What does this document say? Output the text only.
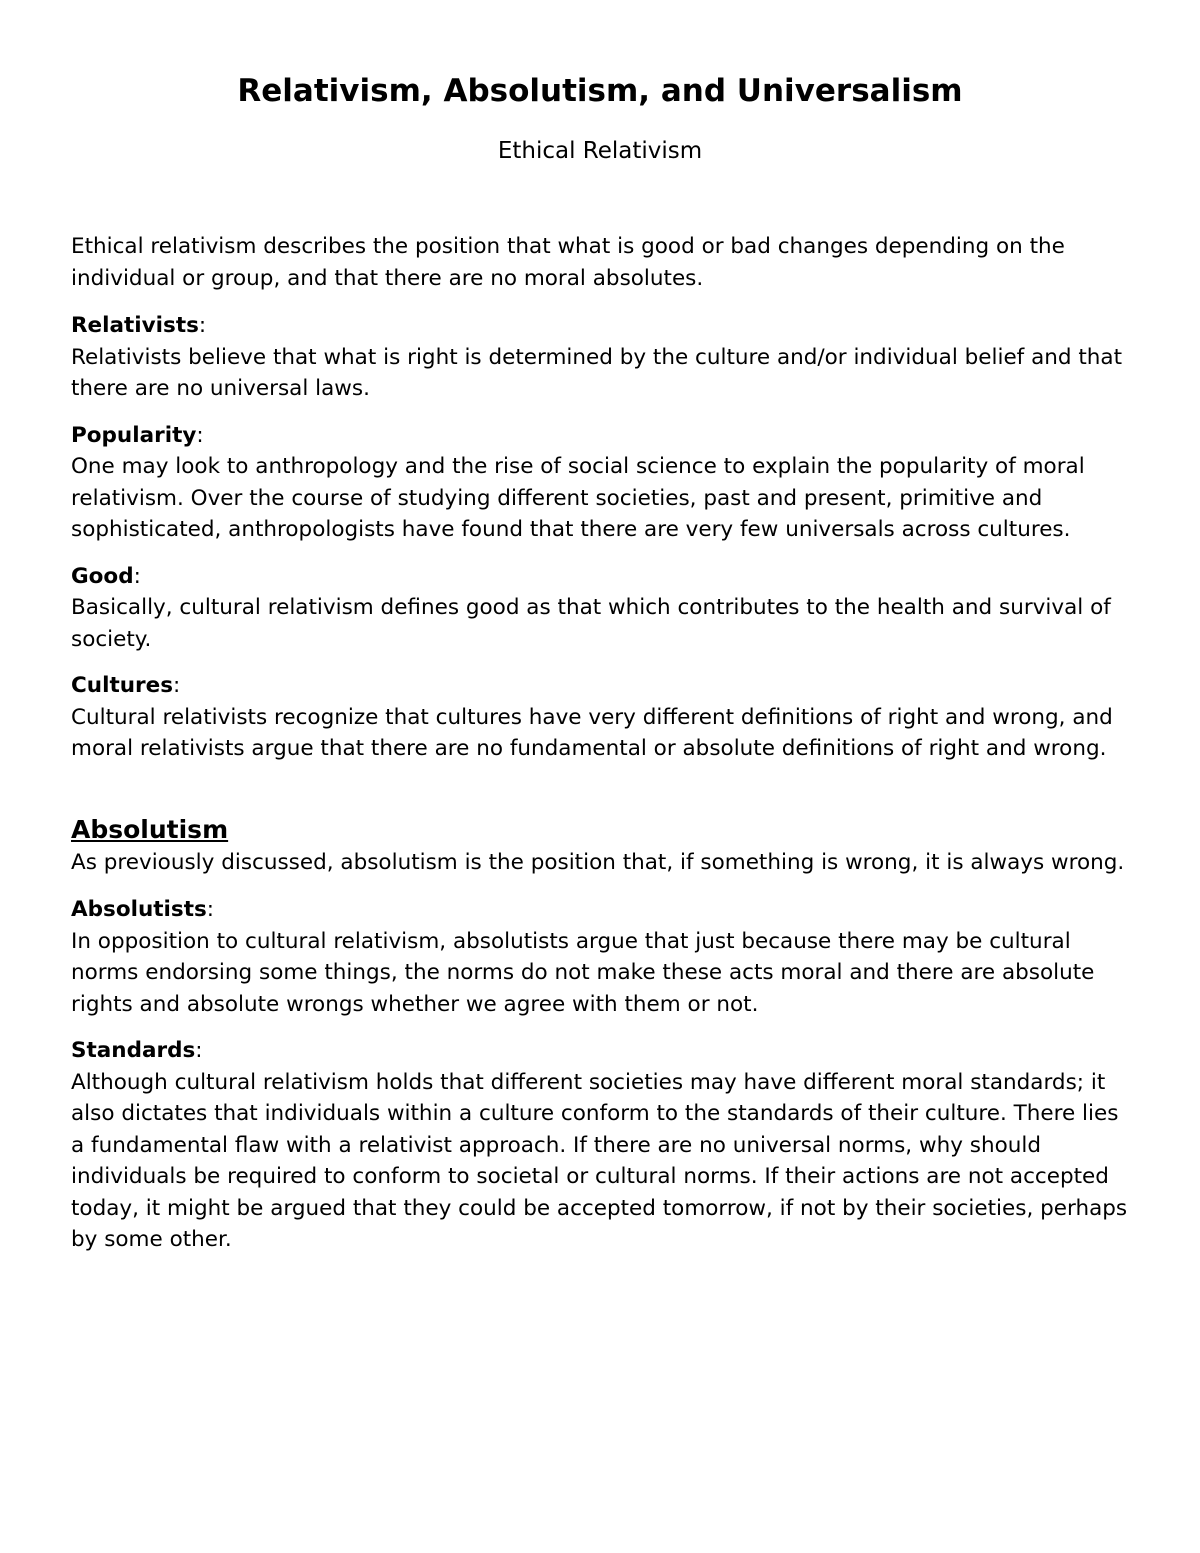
Relativism, Absolutism, and Universalism
Ethical Relativism

Ethical relativism describes the position that what is good or bad changes depending on the individual or group, and that there are no moral absolutes.

Relativists:

Relativists believe that what is right is determined by the culture and/or individual belief and that there are no universal laws.

Popularity:

One may look to anthropology and the rise of social science to explain the popularity of moral relativism. Over the course of studying different societies, past and present, primitive and sophisticated, anthropologists have found that there are very few universals across cultures.

Good:

Basically, cultural relativism defines good as that which contributes to the health and survival of society.

Cultures:

Cultural relativists recognize that cultures have very different definitions of right and wrong, and moral relativists argue that there are no fundamental or absolute definitions of right and wrong.

Absolutism

As previously discussed, absolutism is the position that, if something is wrong, it is always wrong.

Absolutists:

In opposition to cultural relativism, absolutists argue that just because there may be cultural norms endorsing some things, the norms do not make these acts moral and there are absolute rights and absolute wrongs whether we agree with them or not.

Standards:

Although cultural relativism holds that different societies may have different moral standards; it also dictates that individuals within a culture conform to the standards of their culture. There lies a fundamental flaw with a relativist approach. If there are no universal norms, why should individuals be required to conform to societal or cultural norms. If their actions are not accepted today, it might be argued that they could be accepted tomorrow, if not by their societies, perhaps by some other.
